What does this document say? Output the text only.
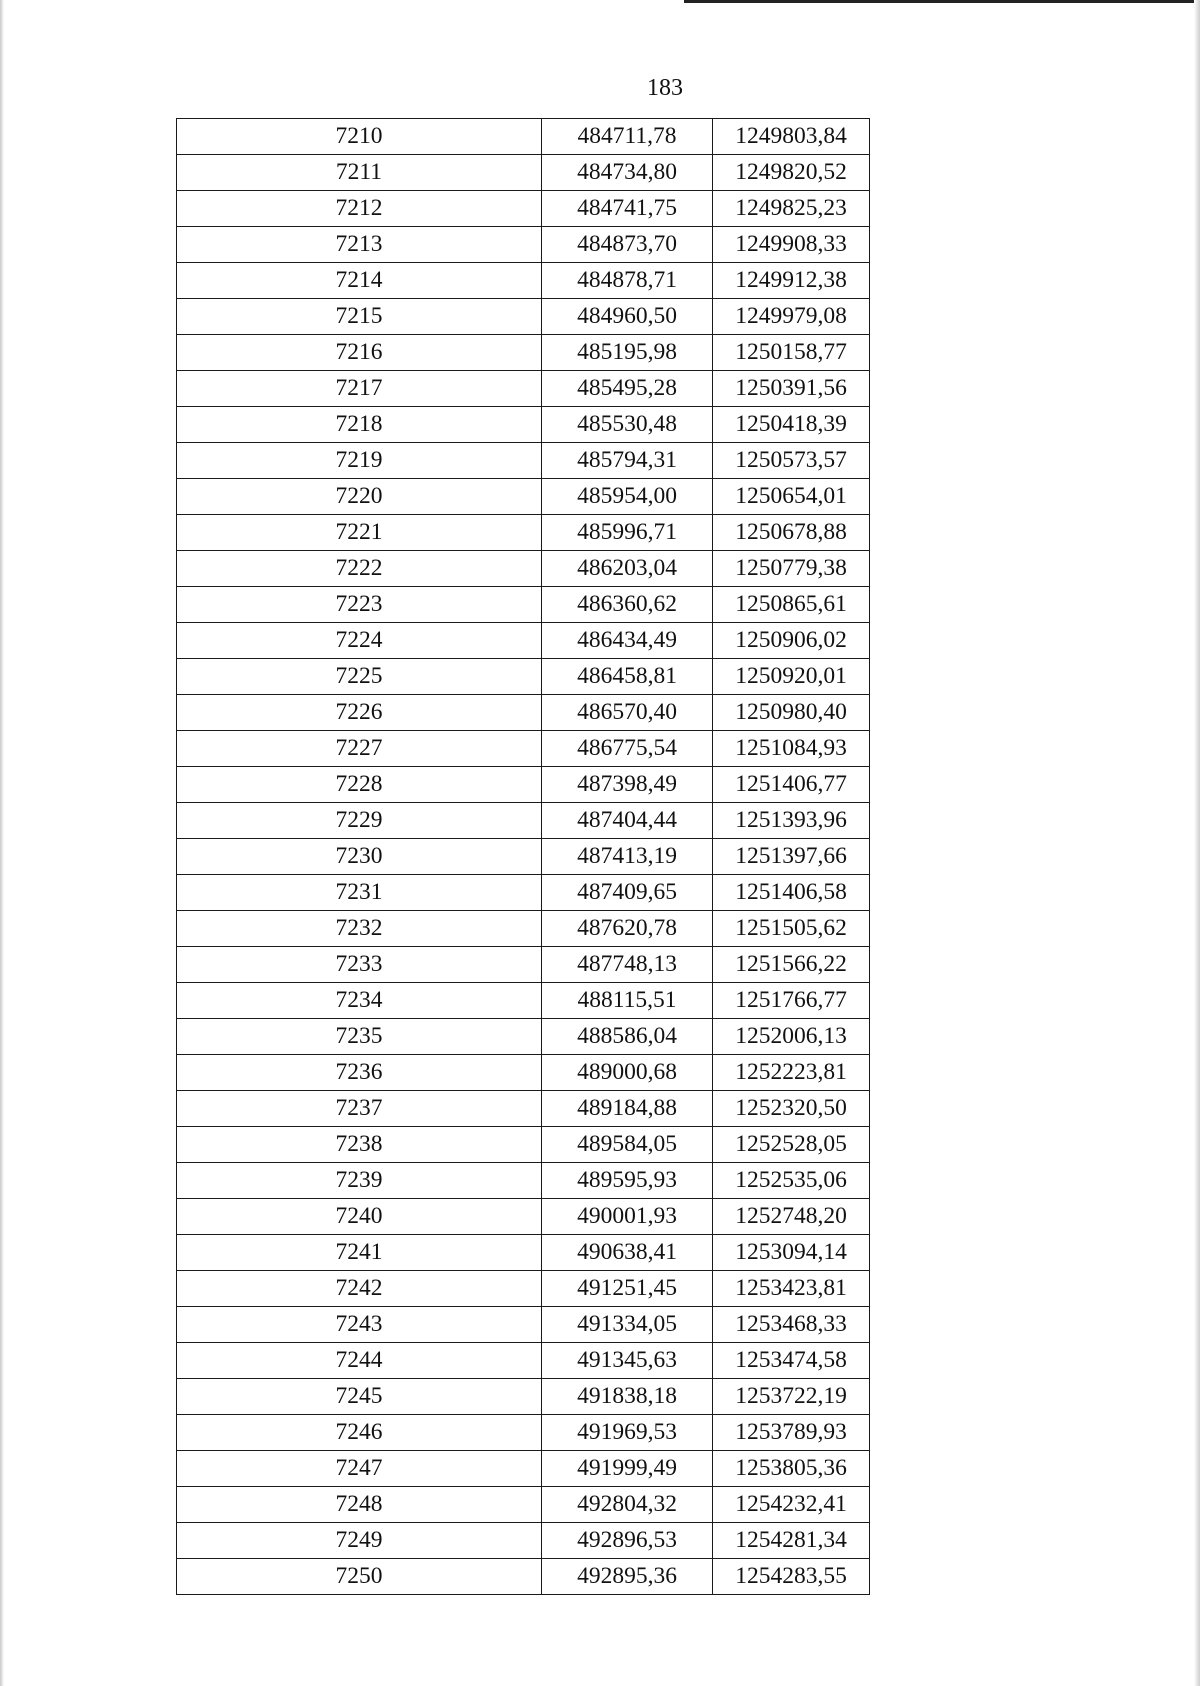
183
7210	484711,78	1249803,84
7211	484734,80	1249820,52
7212	484741,75	1249825,23
7213	484873,70	1249908,33
7214	484878,71	1249912,38
7215	484960,50	1249979,08
7216	485195,98	1250158,77
7217	485495,28	1250391,56
7218	485530,48	1250418,39
7219	485794,31	1250573,57
7220	485954,00	1250654,01
7221	485996,71	1250678,88
7222	486203,04	1250779,38
7223	486360,62	1250865,61
7224	486434,49	1250906,02
7225	486458,81	1250920,01
7226	486570,40	1250980,40
7227	486775,54	1251084,93
7228	487398,49	1251406,77
7229	487404,44	1251393,96
7230	487413,19	1251397,66
7231	487409,65	1251406,58
7232	487620,78	1251505,62
7233	487748,13	1251566,22
7234	488115,51	1251766,77
7235	488586,04	1252006,13
7236	489000,68	1252223,81
7237	489184,88	1252320,50
7238	489584,05	1252528,05
7239	489595,93	1252535,06
7240	490001,93	1252748,20
7241	490638,41	1253094,14
7242	491251,45	1253423,81
7243	491334,05	1253468,33
7244	491345,63	1253474,58
7245	491838,18	1253722,19
7246	491969,53	1253789,93
7247	491999,49	1253805,36
7248	492804,32	1254232,41
7249	492896,53	1254281,34
7250	492895,36	1254283,55
